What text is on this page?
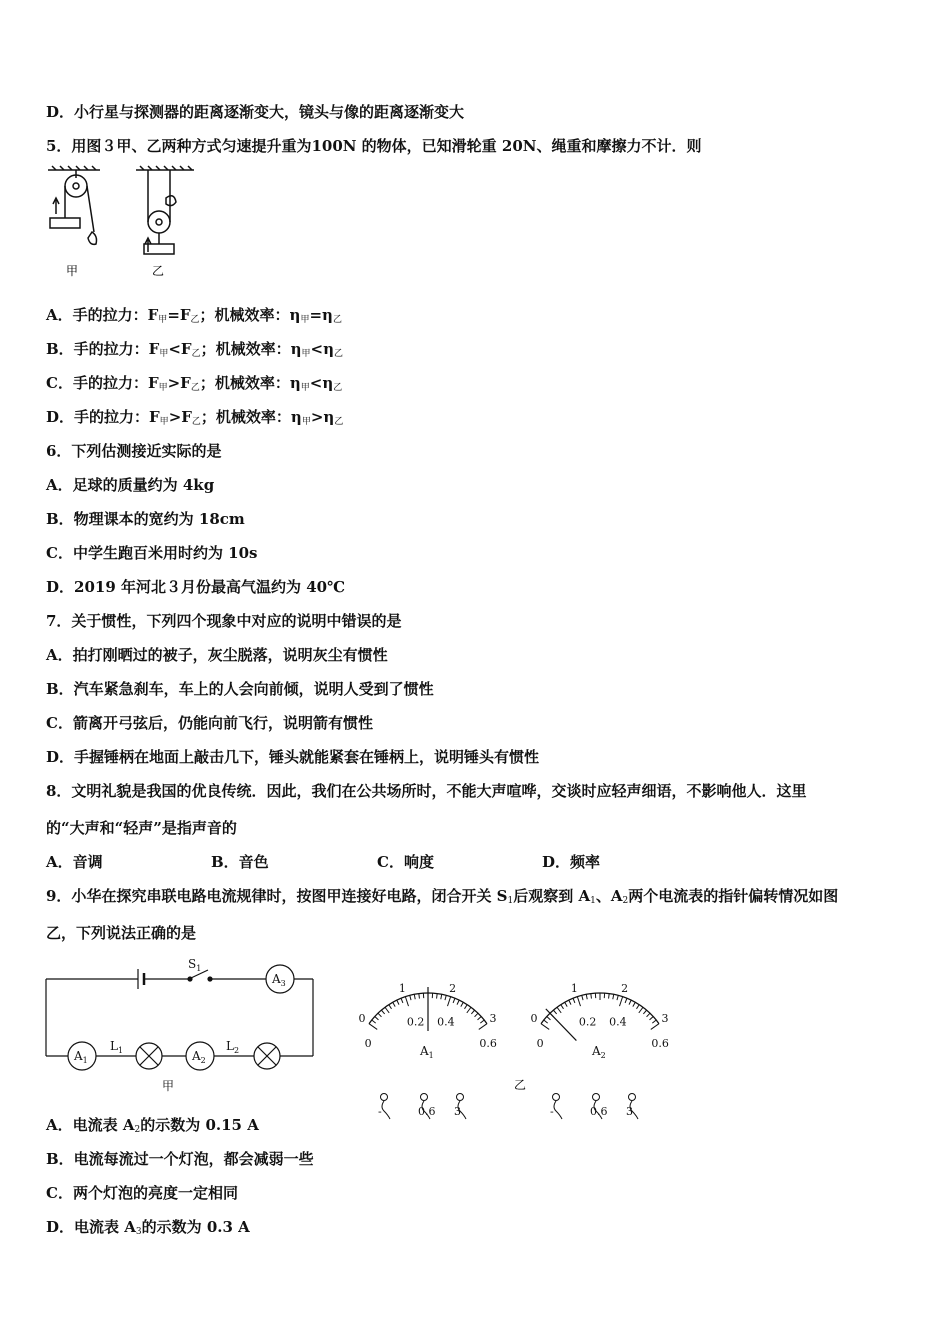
D．小行星与探测器的距离逐渐变大，镜头与像的距离逐渐变大
5．用图３甲、乙两种方式匀速提升重为100N 的物体，已知滑轮重 20N、绳重和摩擦力不计．则
甲	乙
A．手的拉力：$F_甲=F_乙$；机械效率：$\eta_甲=\eta_乙$
B．手的拉力：$F_甲<F_乙$；机械效率：$\eta_甲<\eta_乙$
C．手的拉力：$F_甲>F_乙$；机械效率：$\eta_甲<\eta_乙$
D．手的拉力：$F_甲>F_乙$；机械效率：$\eta_甲>\eta_乙$
6．下列估测接近实际的是
A．足球的质量约为 4kg
B．物理课本的宽约为 18cm
C．中学生跑百米用时约为 10s
D．2019 年河北３月份最高气温约为 40℃
7．关于惯性，下列四个现象中对应的说明中错误的是
A．拍打刚晒过的被子，灰尘脱落，说明灰尘有惯性
B．汽车紧急刹车，车上的人会向前倾，说明人受到了惯性
C．箭离开弓弦后，仍能向前飞行，说明箭有惯性
D．手握锤柄在地面上敲击几下，锤头就能紧套在锤柄上，说明锤头有惯性
8．文明礼貌是我国的优良传统．因此，我们在公共场所时，不能大声喧哗，交谈时应轻声细语，不影响他人．这里
的“大声和“轻声”是指声音的
A．音调	B．音色	C．响度	D．频率
9．小华在探究串联电路电流规律时，按图甲连接好电路，闭合开关 $S_1$后观察到 $A_1$、$A_2$两个电流表的指针偏转情况如图
乙，下列说法正确的是
$S_1$
$A_3$
$A_1$	$A_2$
$L_1$	$L_2$
甲
0
1	2
3
0
0.2 0.4
0.6
$A_1$
-	0.6 3
0
1	2
3
0
0.2 0.4
0.6
$A_2$
-	0.6 3
乙
A．电流表 $A_2$的示数为 0.15 A
B．电流每流过一个灯泡，都会减弱一些
C．两个灯泡的亮度一定相同
D．电流表 $A_3$的示数为 0.3 A
